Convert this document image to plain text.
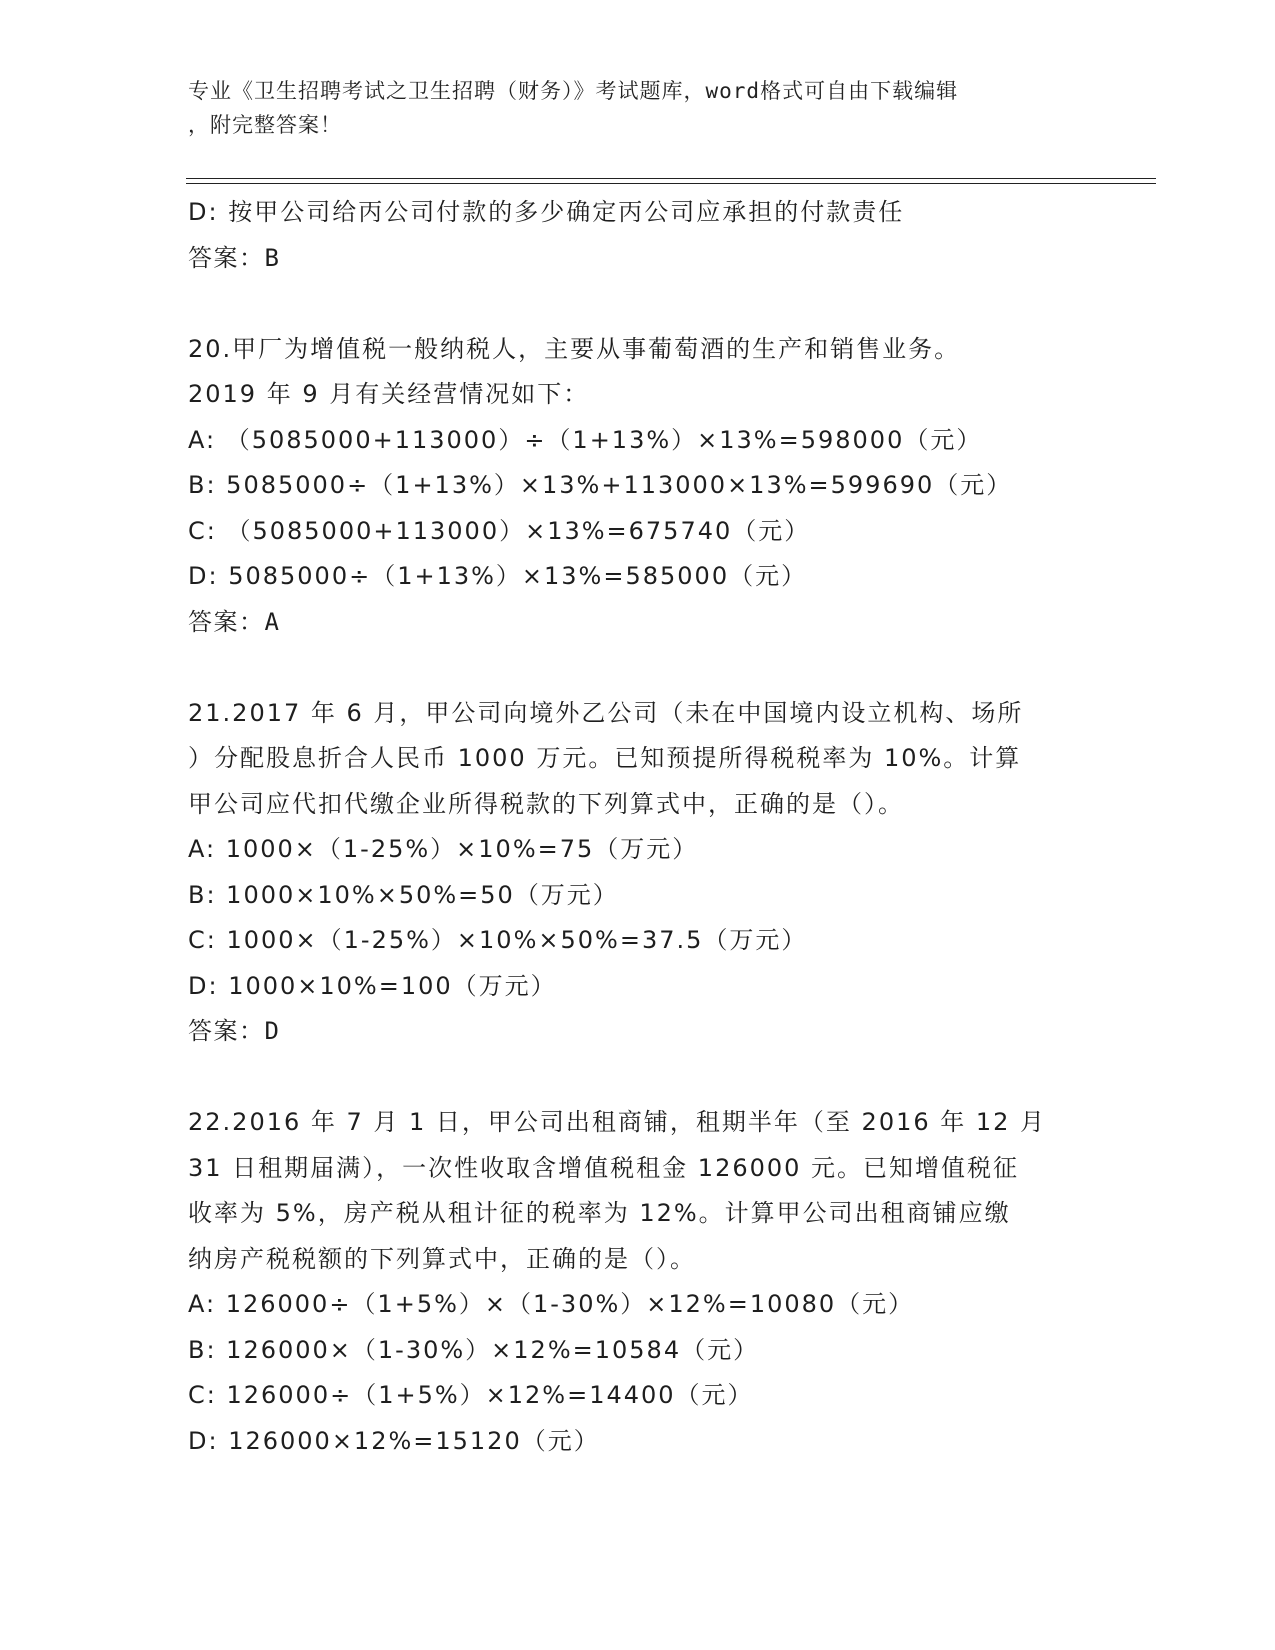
专业《卫生招聘考试之卫生招聘（财务）》考试题库，word格式可自由下载编辑
，附完整答案！
D: 按甲公司给丙公司付款的多少确定丙公司应承担的付款责任
答案：B
20.甲厂为增值税一般纳税人，主要从事葡萄酒的生产和销售业务。
2019 年 9 月有关经营情况如下：
A: （5085000+113000）÷（1+13%）×13%=598000（元）
B: 5085000÷（1+13%）×13%+113000×13%=599690（元）
C: （5085000+113000）×13%=675740（元）
D: 5085000÷（1+13%）×13%=585000（元）
答案：A
21.2017 年 6 月，甲公司向境外乙公司（未在中国境内设立机构、场所
）分配股息折合人民币 1000 万元。已知预提所得税税率为 10%。计算
甲公司应代扣代缴企业所得税款的下列算式中，正确的是（）。
A: 1000×（1-25%）×10%=75（万元）
B: 1000×10%×50%=50（万元）
C: 1000×（1-25%）×10%×50%=37.5（万元）
D: 1000×10%=100（万元）
答案：D
22.2016 年 7 月 1 日，甲公司出租商铺，租期半年（至 2016 年 12 月
31 日租期届满），一次性收取含增值税租金 126000 元。已知增值税征
收率为 5%，房产税从租计征的税率为 12%。计算甲公司出租商铺应缴
纳房产税税额的下列算式中，正确的是（）。
A: 126000÷（1+5%）×（1-30%）×12%=10080（元）
B: 126000×（1-30%）×12%=10584（元）
C: 126000÷（1+5%）×12%=14400（元）
D: 126000×12%=15120（元）
